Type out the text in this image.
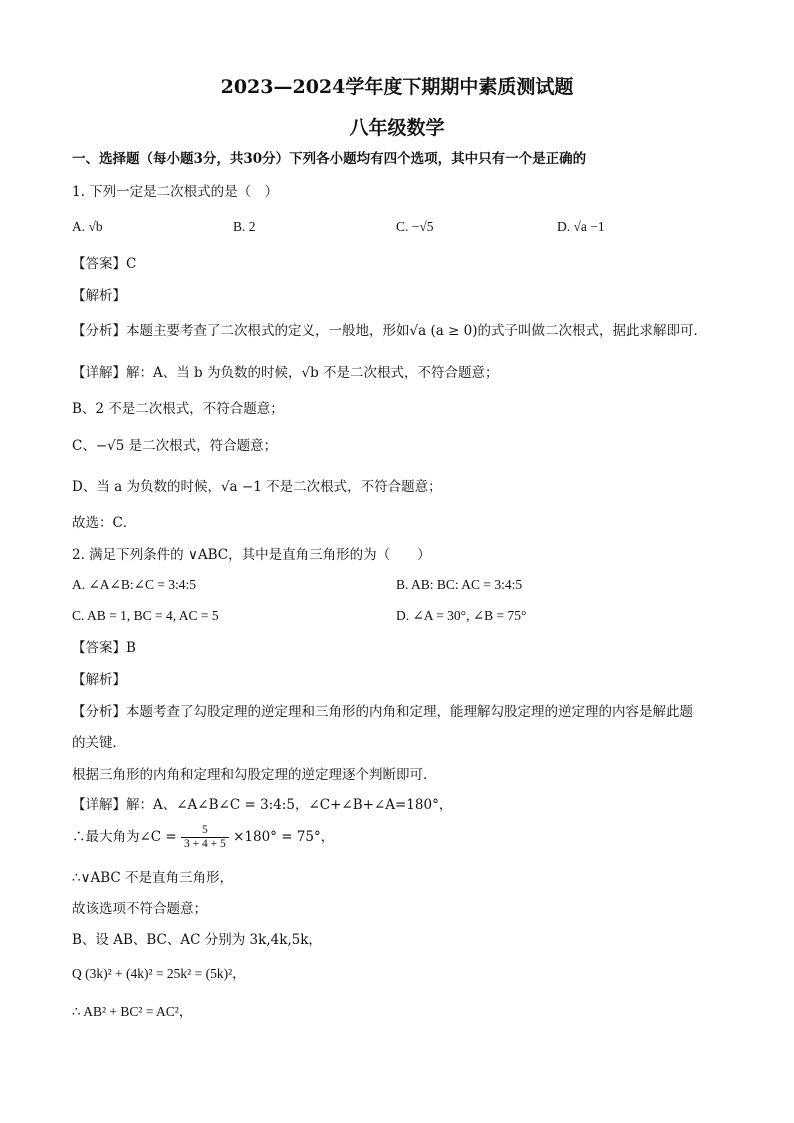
2023—2024学年度下期期中素质测试题
八年级数学
一、选择题（每小题3分，共30分）下列各小题均有四个选项，其中只有一个是正确的
1. 下列一定是二次根式的是（　）
A. √b	B. 2	C. −√5	D. √a −1
【答案】C
【解析】
【分析】本题主要考查了二次根式的定义，一般地，形如√a (a ≥ 0)的式子叫做二次根式，据此求解即可．
【详解】解：A、当 b 为负数的时候，√b 不是二次根式，不符合题意；
B、2 不是二次根式，不符合题意；
C、−√5 是二次根式，符合题意；
D、当 a 为负数的时候，√a −1 不是二次根式，不符合题意；
故选：C．
2. 满足下列条件的 ∨ABC，其中是直角三角形的为（　　）
A. ∠A∠B:∠C = 3:4:5	B. AB: BC: AC = 3:4:5
C. AB = 1, BC = 4, AC = 5	D. ∠A = 30°, ∠B = 75°
【答案】B
【解析】
【分析】本题考查了勾股定理的逆定理和三角形的内角和定理，能理解勾股定理的逆定理的内容是解此题
的关键．
根据三角形的内角和定理和勾股定理的逆定理逐个判断即可．
【详解】解：A、∠A∠B∠C = 3:4:5，∠C+∠B+∠A=180°，
∴最大角为∠C = $\frac{5}{3 + 4 + 5} \times 180^\circ = 75^\circ$，
∴∨ABC 不是直角三角形，
故该选项不符合题意；
B、设 AB、BC、AC 分别为 3k,4k,5k，
Q (3k)² + (4k)² = 25k² = (5k)²，
∴ AB² + BC² = AC²，
